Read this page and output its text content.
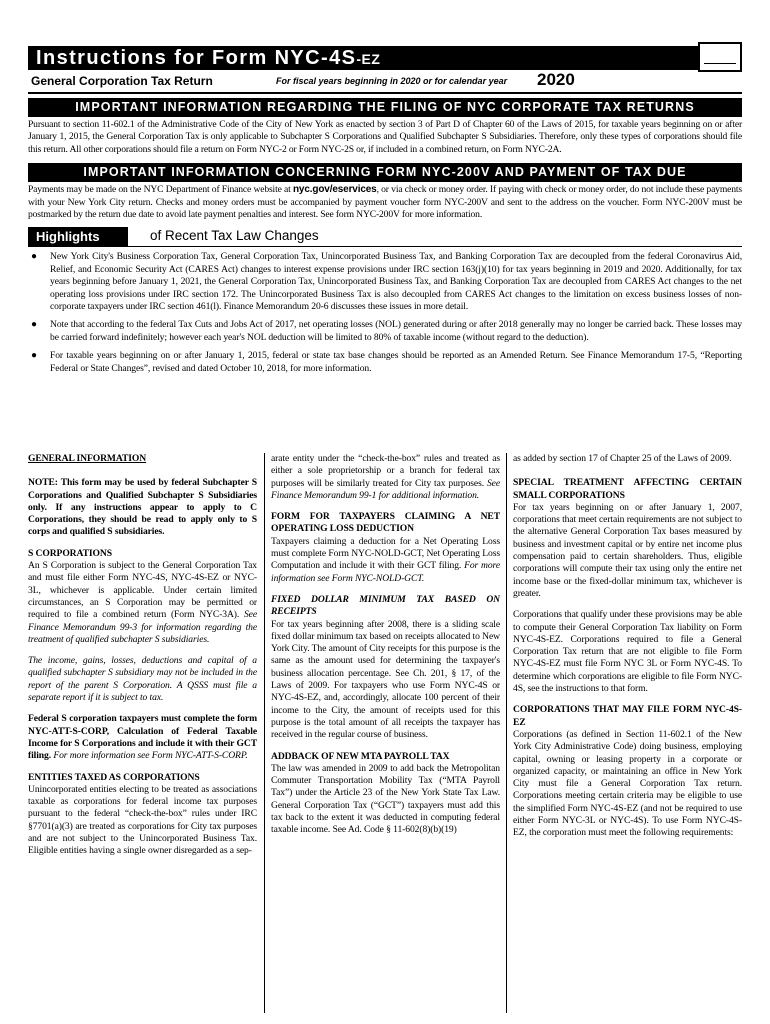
Instructions for Form NYC-4S-EZ	NYC
General Corporation Tax Return	For fiscal years beginning in 2020 or for calendar year 2020
IMPORTANT INFORMATION REGARDING THE FILING OF NYC CORPORATE TAX RETURNS

Pursuant to section 11-602.1 of the Administrative Code of the City of New York as enacted by section 3 of Part D of Chapter 60 of the Laws of 2015, for taxable years beginning on or after January 1, 2015, the General Corporation Tax is only applicable to Subchapter S Corporations and Qualified Subchapter S Subsidiaries. Therefore, only these types of corporations should file this return. All other corporations should file a return on Form NYC-2 or Form NYC-2S or, if included in a combined return, on Form NYC-2A.

IMPORTANT INFORMATION CONCERNING FORM NYC-200V AND PAYMENT OF TAX DUE

Payments may be made on the NYC Department of Finance website at nyc.gov/eservices, or via check or money order. If paying with check or money order, do not include these payments with your New York City return. Checks and money orders must be accompanied by payment voucher form NYC-200V and sent to the address on the voucher. Form NYC-200V must be postmarked by the return due date to avoid late payment penalties and interest. See form NYC-200V for more information.

Highlights	of Recent Tax Law Changes
● New York City's Business Corporation Tax, General Corporation Tax, Unincorporated Business Tax, and Banking Corporation Tax are decoupled from the federal Coronavirus Aid, Relief, and Economic Security Act (CARES Act) changes to interest expense provisions under IRC section 163(j)(10) for tax years beginning in 2019 and 2020. Additionally, for tax years beginning before January 1, 2021, the General Corporation Tax, Unincorporated Business Tax, and Banking Corporation Tax are decoupled from CARES Act changes to the net operating loss provisions under IRC section 172. The Unincorporated Business Tax is also decoupled from CARES Act changes to the limitation on excess business losses of non-corporate taxpayers under IRC section 461(l). Finance Memorandum 20-6 discusses these issues in more detail.
● Note that according to the federal Tax Cuts and Jobs Act of 2017, net operating losses (NOL) generated during or after 2018 generally may no longer be carried back. These losses may be carried forward indefinitely; however each year's NOL deduction will be limited to 80% of taxable income (without regard to the deduction).
● For taxable years beginning on or after January 1, 2015, federal or state tax base changes should be reported as an Amended Return. See Finance Memorandum 17-5, “Reporting Federal or State Changes”, revised and dated October 10, 2018, for more information.

GENERAL INFORMATION

NOTE: This form may be used by federal Subchapter S Corporations and Qualified Subchapter S Subsidiaries only. If any instructions appear to apply to C Corporations, they should be read to apply only to S corps and qualified S subsidiaries.

S CORPORATIONS

An S Corporation is subject to the General Corporation Tax and must file either Form NYC-4S, NYC-4S-EZ or NYC-3L, whichever is applicable. Under certain limited circumstances, an S Corporation may be permitted or required to file a combined return (Form NYC-3A). See Finance Memorandum 99-3 for information regarding the treatment of qualified subchapter S subsidiaries.

The income, gains, losses, deductions and capital of a qualified subchapter S subsidiary may not be included in the report of the parent S Corporation. A QSSS must file a separate report if it is subject to tax.

Federal S corporation taxpayers must complete the form NYC-ATT-S-CORP, Calculation of Federal Taxable Income for S Corporations and include it with their GCT filing. For more information see Form NYC-ATT-S-CORP.

ENTITIES TAXED AS CORPORATIONS

Unincorporated entities electing to be treated as associations taxable as corporations for federal income tax purposes pursuant to the federal “check-the-box” rules under IRC §7701(a)(3) are treated as corporations for City tax purposes and are not subject to the Unincorporated Business Tax. Eligible entities having a single owner disregarded as a sep-

arate entity under the “check-the-box” rules and treated as either a sole proprietorship or a branch for federal tax purposes will be similarly treated for City tax purposes. See Finance Memorandum 99-1 for additional information.

FORM FOR TAXPAYERS CLAIMING A NET OPERATING LOSS DEDUCTION

Taxpayers claiming a deduction for a Net Operating Loss must complete Form NYC-NOLD-GCT, Net Operating Loss Computation and include it with their GCT filing. For more information see Form NYC-NOLD-GCT.

FIXED DOLLAR MINIMUM TAX BASED ON RECEIPTS

For tax years beginning after 2008, there is a sliding scale fixed dollar minimum tax based on receipts allocated to New York City. The amount of City receipts for this purpose is the same as the amount used for determining the taxpayer's business allocation percentage. See Ch. 201, § 17, of the Laws of 2009. For taxpayers who use Form NYC-4S or NYC-4S-EZ, and, accordingly, allocate 100 percent of their income to the City, the amount of receipts used for this purpose is the total amount of all receipts the taxpayer has received in the regular course of business.

ADDBACK OF NEW MTA PAYROLL TAX

The law was amended in 2009 to add back the Metropolitan Commuter Transportation Mobility Tax (“MTA Payroll Tax”) under the Article 23 of the New York State Tax Law. General Corporation Tax (“GCT”) taxpayers must add this tax back to the extent it was deducted in computing federal taxable income. See Ad. Code § 11-602(8)(b)(19)

as added by section 17 of Chapter 25 of the Laws of 2009.

SPECIAL TREATMENT AFFECTING CERTAIN SMALL CORPORATIONS

For tax years beginning on or after January 1, 2007, corporations that meet certain requirements are not subject to the alternative General Corporation Tax bases measured by business and investment capital or by entire net income plus compensation paid to certain shareholders. Thus, eligible corporations will compute their tax using only the entire net income base or the fixed-dollar minimum tax, whichever is greater.

Corporations that qualify under these provisions may be able to compute their General Corporation Tax liability on Form NYC-4S-EZ. Corporations required to file a General Corporation Tax return that are not eligible to file Form NYC-4S-EZ must file Form NYC 3L or Form NYC-4S. To determine which corporations are eligible to file Form NYC-4S, see the instructions to that form.

CORPORATIONS THAT MAY FILE FORM NYC-4S-EZ

Corporations (as defined in Section 11-602.1 of the New York City Administrative Code) doing business, employing capital, owning or leasing property in a corporate or organized capacity, or maintaining an office in New York City must file a General Corporation Tax return. Corporations meeting certain criteria may be eligible to use the simplified Form NYC-4S-EZ (and not be required to use either Form NYC-3L or NYC-4S). To use Form NYC-4S-EZ, the corporation must meet the following requirements:
